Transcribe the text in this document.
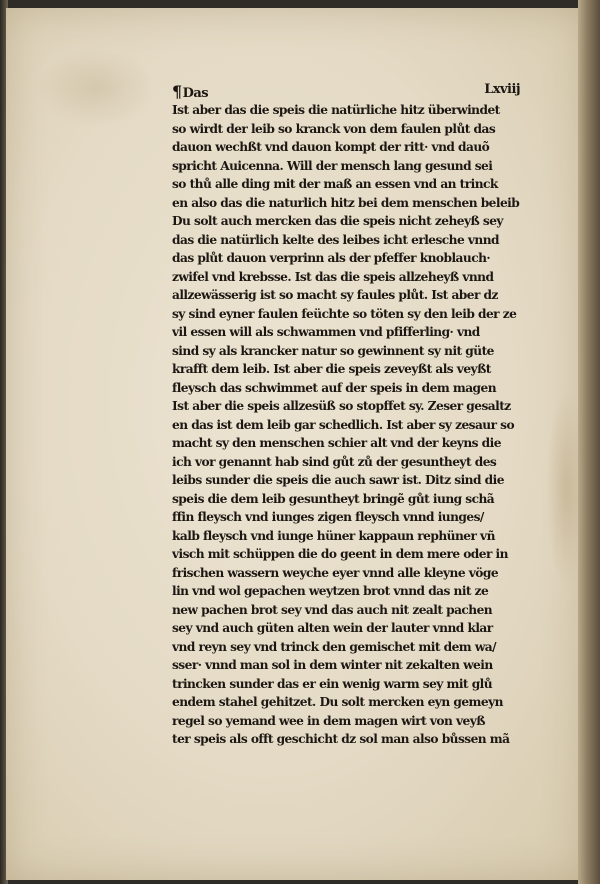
¶Das	Lxviij
Ist aber das die speis die natürliche hitz überwindet
so wirdt der leib so kranck von dem faulen plůt das
dauon wechßt vnd dauon kompt der ritt· vnd dauõ
spricht Auicenna. Will der mensch lang gesund sei
so thů alle ding mit der maß an essen vnd an trinck
en also das die naturlich hitz bei dem menschen beleib
Du solt auch mercken das die speis nicht zeheyß sey
das die natürlich kelte des leibes icht erlesche vnnd
das plůt dauon verprinn als der pfeffer knoblauch·
zwifel vnd krebsse. Ist das die speis allzeheyß vnnd
allzewässerig ist so macht sy faules plůt. Ist aber dz
sy sind eyner faulen feüchte so töten sy den leib der ze
vil essen will als schwammen vnd pfifferling· vnd
sind sy als krancker natur so gewinnent sy nit güte
krafft dem leib. Ist aber die speis zeveyßt als veyßt
fleysch das schwimmet auf der speis in dem magen
Ist aber die speis allzesüß so stopffet sy. Zeser gesaltz
en das ist dem leib gar schedlich. Ist aber sy zesaur so
macht sy den menschen schier alt vnd der keyns die
ich vor genannt hab sind gůt zů der gesuntheyt des
leibs sunder die speis die auch sawr ist. Ditz sind die
speis die dem leib gesuntheyt bringẽ gůt iung schã
ffin fleysch vnd iunges zigen fleysch vnnd iunges/
kalb fleysch vnd iunge hüner kappaun rephüner vñ
visch mit schüppen die do geent in dem mere oder in
frischen wassern weyche eyer vnnd alle kleyne vöge
lin vnd wol gepachen weytzen brot vnnd das nit ze
new pachen brot sey vnd das auch nit zealt pachen
sey vnd auch güten alten wein der lauter vnnd klar
vnd reyn sey vnd trinck den gemischet mit dem wa/
sser· vnnd man sol in dem winter nit zekalten wein
trincken sunder das er ein wenig warm sey mit glů
endem stahel gehitzet. Du solt mercken eyn gemeyn
regel so yemand wee in dem magen wirt von veyß
ter speis als offt geschicht dz sol man also bůssen mã
